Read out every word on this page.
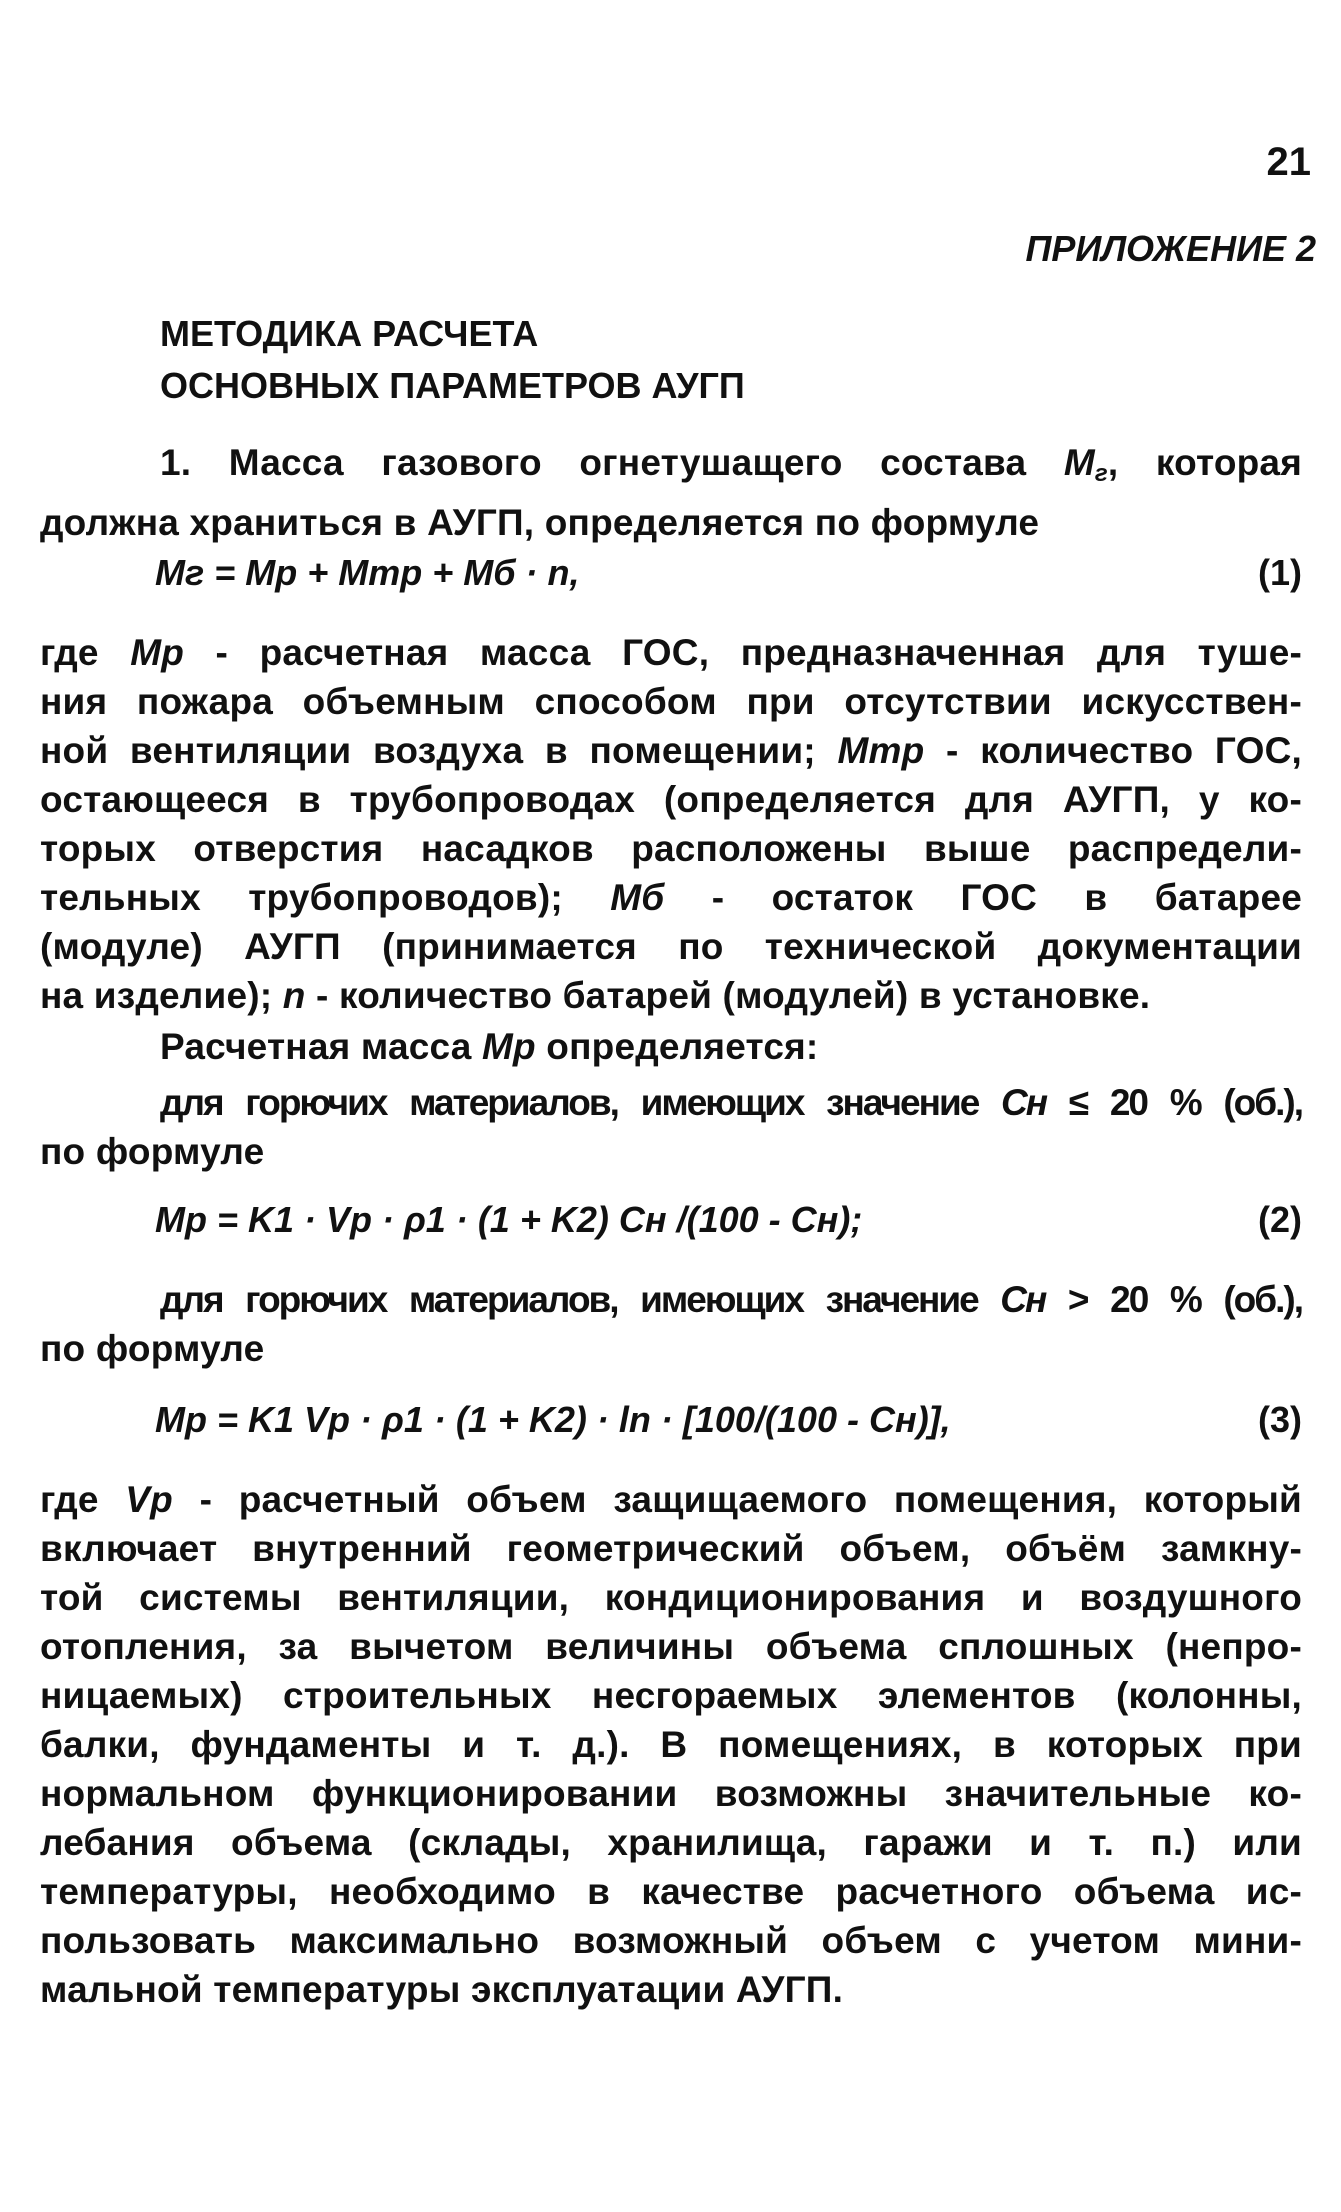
21
ПРИЛОЖЕНИЕ 2
МЕТОДИКА РАСЧЕТА
ОСНОВНЫХ ПАРАМЕТРОВ АУГП
1. Масса газового огнетушащего состава $M_г$, которая
должна храниться в АУГП, определяется по формуле
Mг = Mр + Mтр + Mб · n,	(1)
где Mр - расчетная масса ГОС, предназначенная для туше-
ния пожара объемным способом при отсутствии искусствен-
ной вентиляции воздуха в помещении; Mтр - количество ГОС,
остающееся в трубопроводах (определяется для АУГП, у ко-
торых отверстия насадков расположены выше распредели-
тельных трубопроводов); Mб - остаток ГОС в батарее
(модуле) АУГП (принимается по технической документации
на изделие); n - количество батарей (модулей) в установке.
Расчетная масса Mр определяется:
для горючих материалов, имеющих значение Cн ≤ 20 % (об.),
по формуле
Mр = K1 · Vр · ρ1 · (1 + K2) Cн /(100 - Cн);	(2)
для горючих материалов, имеющих значение Cн > 20 % (об.),
по формуле
Mр = K1 Vр · ρ1 · (1 + K2) · ln · [100/(100 - Cн)],	(3)
где Vр - расчетный объем защищаемого помещения, который
включает внутренний геометрический объем, объём замкну-
той системы вентиляции, кондиционирования и воздушного
отопления, за вычетом величины объема сплошных (непро-
ницаемых) строительных несгораемых элементов (колонны,
балки, фундаменты и т. д.). В помещениях, в которых при
нормальном функционировании возможны значительные ко-
лебания объема (склады, хранилища, гаражи и т. п.) или
температуры, необходимо в качестве расчетного объема ис-
пользовать максимально возможный объем с учетом мини-
мальной температуры эксплуатации АУГП.
